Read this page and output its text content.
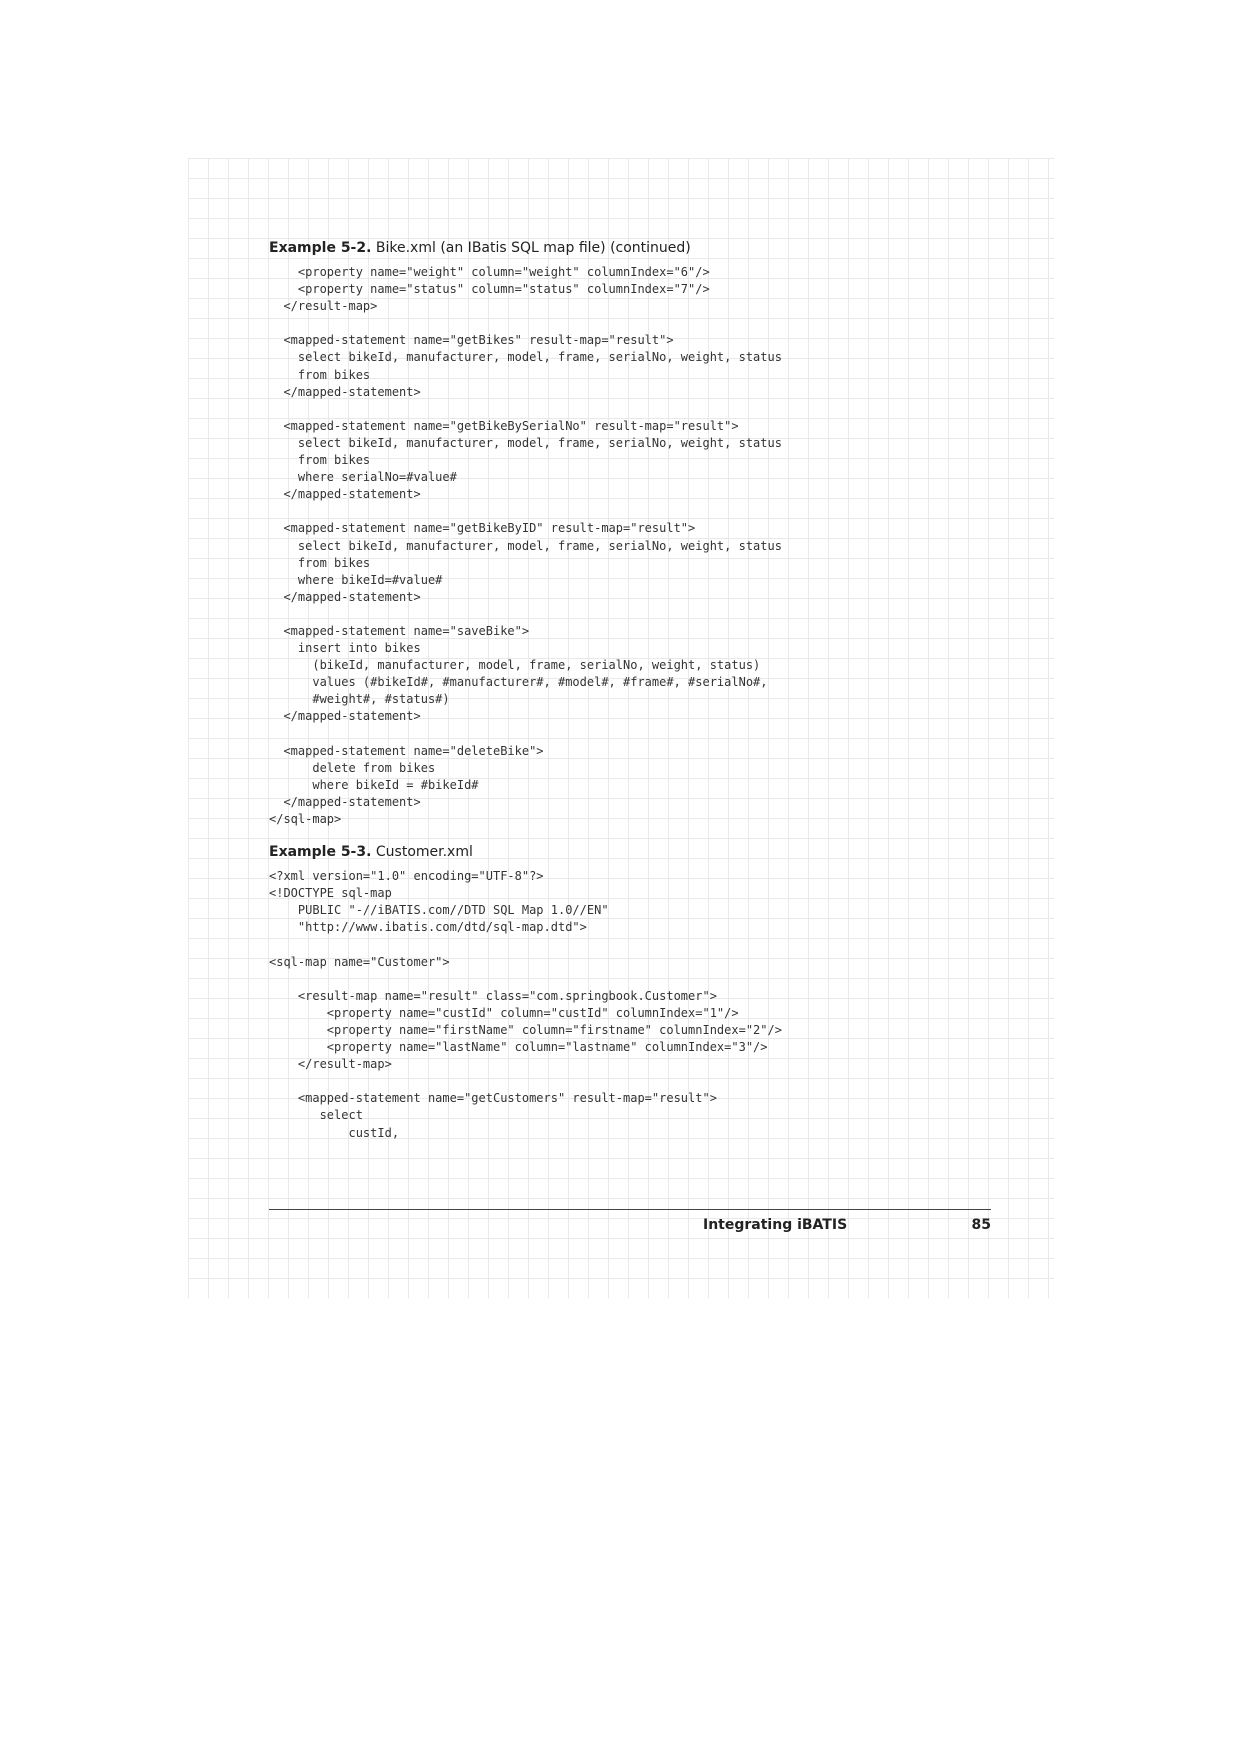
Example 5-2. Bike.xml (an IBatis SQL map file) (continued)

<property name="weight" column="weight" columnIndex="6"/>
<property name="status" column="status" columnIndex="7"/>
</result-map>

<mapped-statement name="getBikes" result-map="result">
select bikeId, manufacturer, model, frame, serialNo, weight, status
from bikes
</mapped-statement>

<mapped-statement name="getBikeBySerialNo" result-map="result">
select bikeId, manufacturer, model, frame, serialNo, weight, status
from bikes
where serialNo=#value#
</mapped-statement>

<mapped-statement name="getBikeByID" result-map="result">
select bikeId, manufacturer, model, frame, serialNo, weight, status
from bikes
where bikeId=#value#
</mapped-statement>

<mapped-statement name="saveBike">
insert into bikes
(bikeId, manufacturer, model, frame, serialNo, weight, status)
values (#bikeId#, #manufacturer#, #model#, #frame#, #serialNo#,
#weight#, #status#)
</mapped-statement>

<mapped-statement name="deleteBike">
delete from bikes
where bikeId = #bikeId#
</mapped-statement>
</sql-map>

Example 5-3. Customer.xml

<?xml version="1.0" encoding="UTF-8"?>
<!DOCTYPE sql-map
PUBLIC "-//iBATIS.com//DTD SQL Map 1.0//EN"
"http://www.ibatis.com/dtd/sql-map.dtd">

<sql-map name="Customer">

<result-map name="result" class="com.springbook.Customer">
<property name="custId" column="custId" columnIndex="1"/>
<property name="firstName" column="firstname" columnIndex="2"/>
<property name="lastName" column="lastname" columnIndex="3"/>
</result-map>

<mapped-statement name="getCustomers" result-map="result">
select
custId,
Integrating iBATIS	85
